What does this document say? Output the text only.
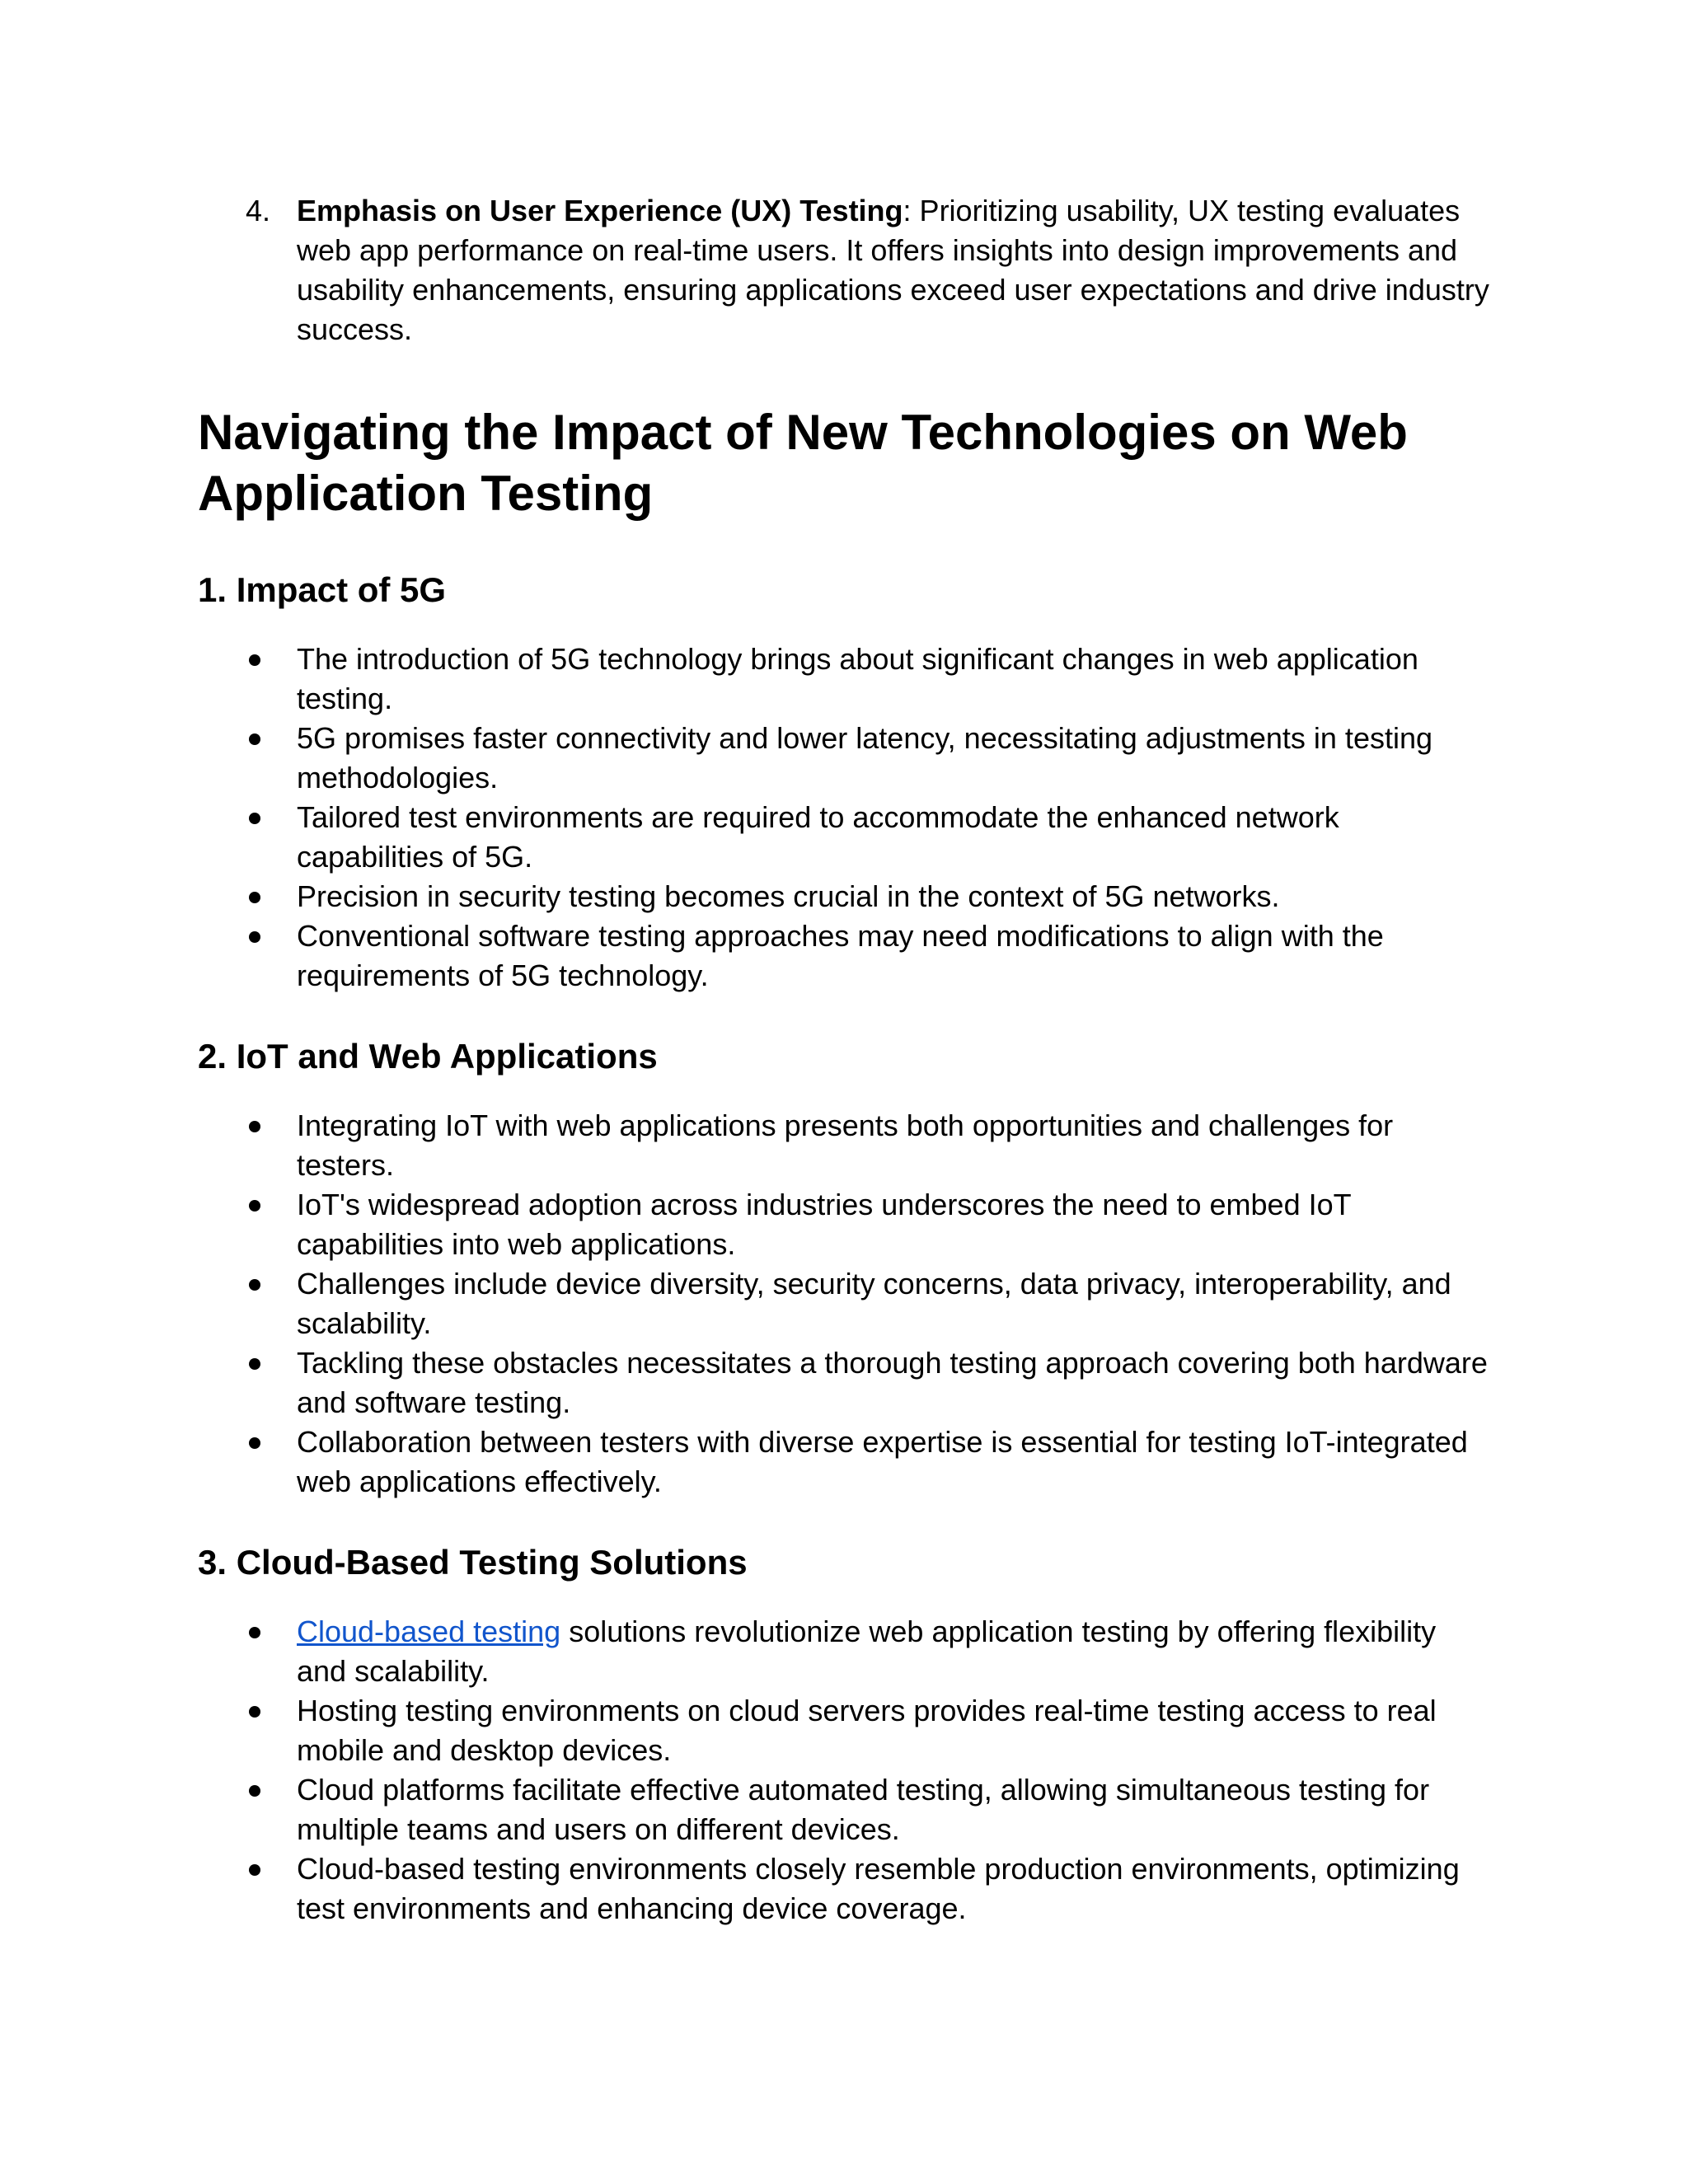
4. Emphasis on User Experience (UX) Testing: Prioritizing usability, UX testing evaluates web app performance on real-time users. It offers insights into design improvements and usability enhancements, ensuring applications exceed user expectations and drive industry success.

Navigating the Impact of New Technologies on Web Application Testing
1. Impact of 5G
The introduction of 5G technology brings about significant changes in web application testing.
5G promises faster connectivity and lower latency, necessitating adjustments in testing methodologies.
Tailored test environments are required to accommodate the enhanced network capabilities of 5G.
Precision in security testing becomes crucial in the context of 5G networks.
Conventional software testing approaches may need modifications to align with the requirements of 5G technology.
2. IoT and Web Applications
Integrating IoT with web applications presents both opportunities and challenges for testers.
IoT's widespread adoption across industries underscores the need to embed IoT capabilities into web applications.
Challenges include device diversity, security concerns, data privacy, interoperability, and scalability.
Tackling these obstacles necessitates a thorough testing approach covering both hardware and software testing.
Collaboration between testers with diverse expertise is essential for testing IoT-integrated web applications effectively.
3. Cloud-Based Testing Solutions
Cloud-based testing solutions revolutionize web application testing by offering flexibility and scalability.
Hosting testing environments on cloud servers provides real-time testing access to real mobile and desktop devices.
Cloud platforms facilitate effective automated testing, allowing simultaneous testing for multiple teams and users on different devices.
Cloud-based testing environments closely resemble production environments, optimizing test environments and enhancing device coverage.
